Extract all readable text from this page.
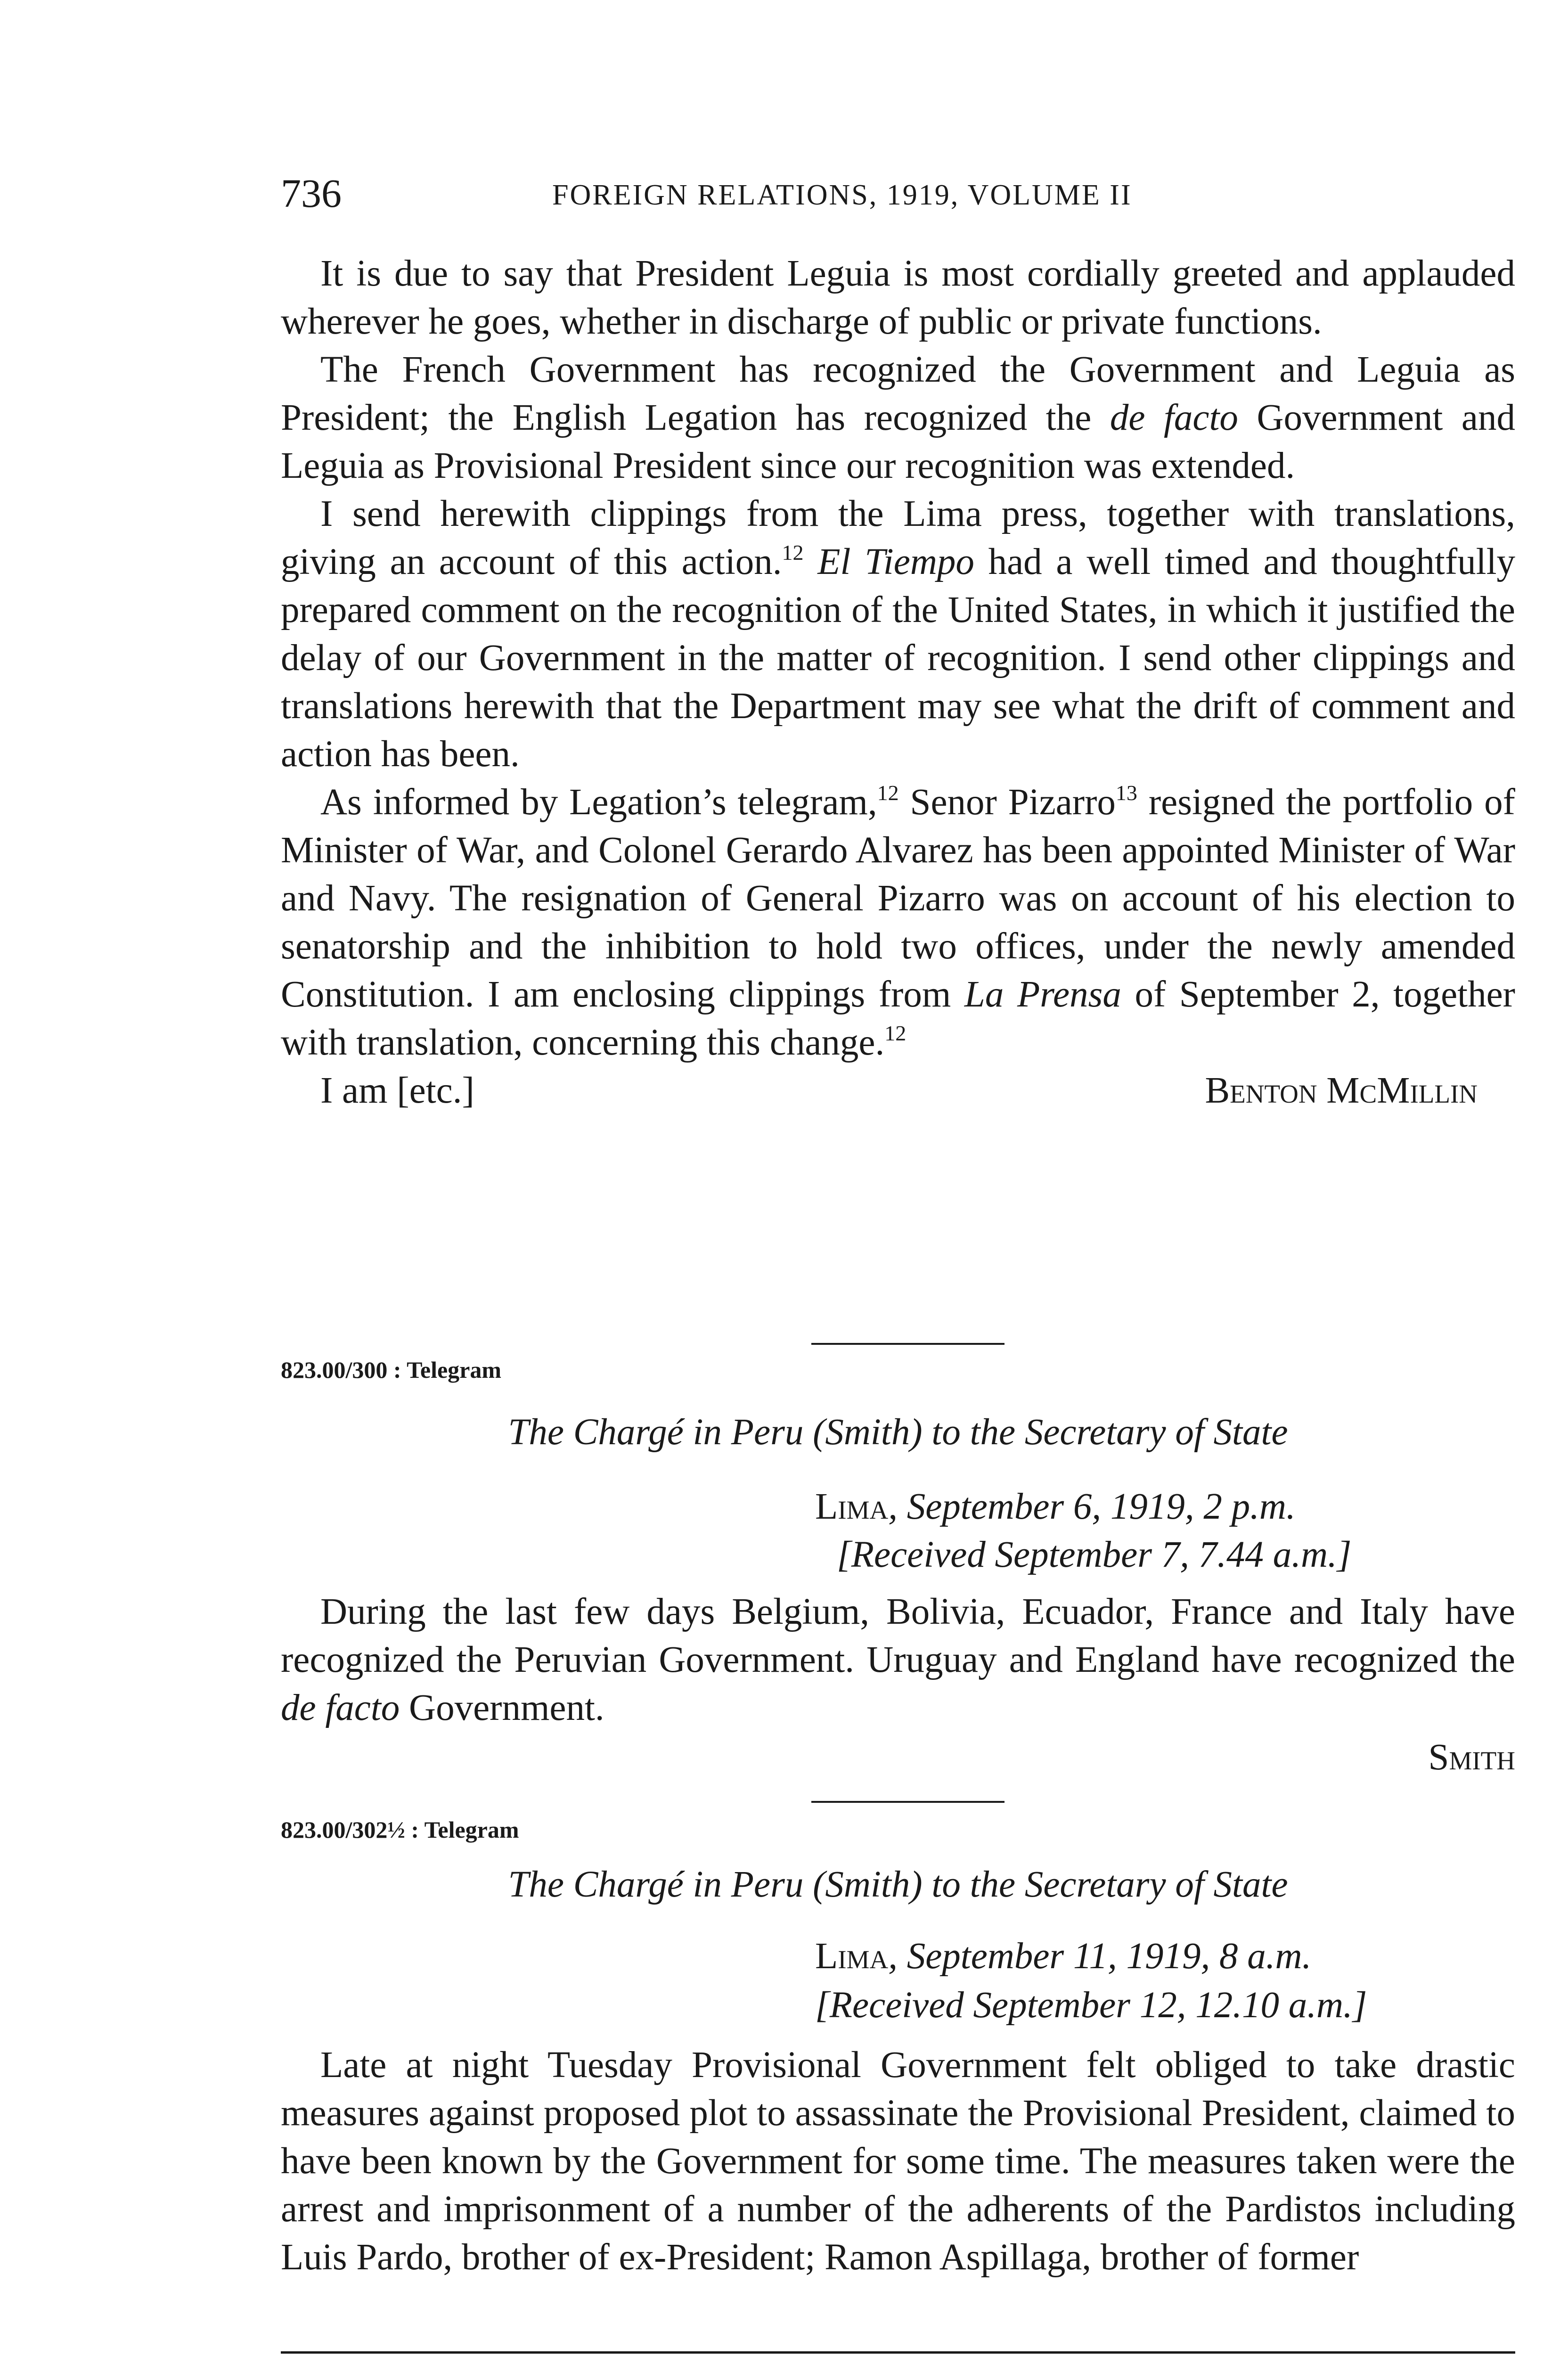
736	FOREIGN RELATIONS, 1919, VOLUME II

It is due to say that President Leguia is most cordially greeted and applauded wherever he goes, whether in discharge of public or private functions.

The French Government has recognized the Government and Leguia as President; the English Legation has recognized the de facto Government and Leguia as Provisional President since our recognition was extended.

I send herewith clippings from the Lima press, together with translations, giving an account of this action.$^{12}$ El Tiempo had a well timed and thoughtfully prepared comment on the recognition of the United States, in which it justified the delay of our Government in the matter of recognition. I send other clippings and translations herewith that the Department may see what the drift of comment and action has been.

As informed by Legation’s telegram,$^{12}$ Senor Pizarro$^{13}$ resigned the portfolio of Minister of War, and Colonel Gerardo Alvarez has been appointed Minister of War and Navy. The resignation of General Pizarro was on account of his election to senatorship and the inhibition to hold two offices, under the newly amended Constitution. I am enclosing clippings from La Prensa of September 2, together with translation, concerning this change.$^{12}$

I am [etc.]	Benton McMillin
823.00/300 : Telegram
The Chargé in Peru (Smith) to the Secretary of State
Lima, September 6, 1919, 2 p.m.
[Received September 7, 7.44 a.m.]

During the last few days Belgium, Bolivia, Ecuador, France and Italy have recognized the Peruvian Government. Uruguay and England have recognized the de facto Government.

Smith
823.00/302½ : Telegram
The Chargé in Peru (Smith) to the Secretary of State
Lima, September 11, 1919, 8 a.m.
[Received September 12, 12.10 a.m.]

Late at night Tuesday Provisional Government felt obliged to take drastic measures against proposed plot to assassinate the Provisional President, claimed to have been known by the Government for some time. The measures taken were the arrest and imprisonment of a number of the adherents of the Pardistos including Luis Pardo, brother of ex-President; Ramon Aspillaga, brother of former
